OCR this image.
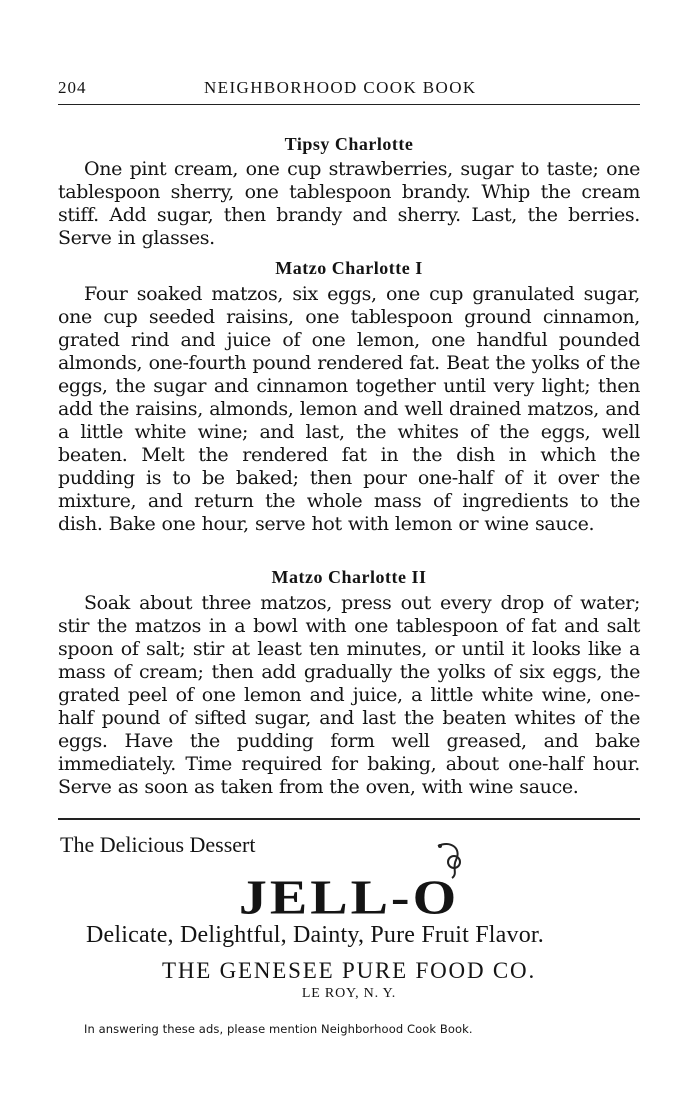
204	NEIGHBORHOOD COOK BOOK
Tipsy Charlotte

One pint cream, one cup strawberries, sugar to taste; one tablespoon sherry, one tablespoon brandy. Whip the cream stiff. Add sugar, then brandy and sherry. Last, the berries. Serve in glasses.

Matzo Charlotte I

Four soaked matzos, six eggs, one cup granulated sugar, one cup seeded raisins, one tablespoon ground cinnamon, grated rind and juice of one lemon, one handful pounded almonds, one-fourth pound rendered fat. Beat the yolks of the eggs, the sugar and cinnamon together until very light; then add the raisins, almonds, lemon and well drained matzos, and a little white wine; and last, the whites of the eggs, well beaten. Melt the rendered fat in the dish in which the pudding is to be baked; then pour one-half of it over the mixture, and return the whole mass of ingredients to the dish. Bake one hour, serve hot with lemon or wine sauce.

Matzo Charlotte II

Soak about three matzos, press out every drop of water; stir the matzos in a bowl with one tablespoon of fat and salt spoon of salt; stir at least ten minutes, or until it looks like a mass of cream; then add gradually the yolks of six eggs, the grated peel of one lemon and juice, a little white wine, one-half pound of sifted sugar, and last the beaten whites of the eggs. Have the pudding form well greased, and bake immediately. Time required for baking, about one-half hour. Serve as soon as taken from the oven, with wine sauce.

The Delicious Dessert
JELL-O
Delicate, Delightful, Dainty, Pure Fruit Flavor.
THE GENESEE PURE FOOD CO.
LE ROY, N. Y.
In answering these ads, please mention Neighborhood Cook Book.
